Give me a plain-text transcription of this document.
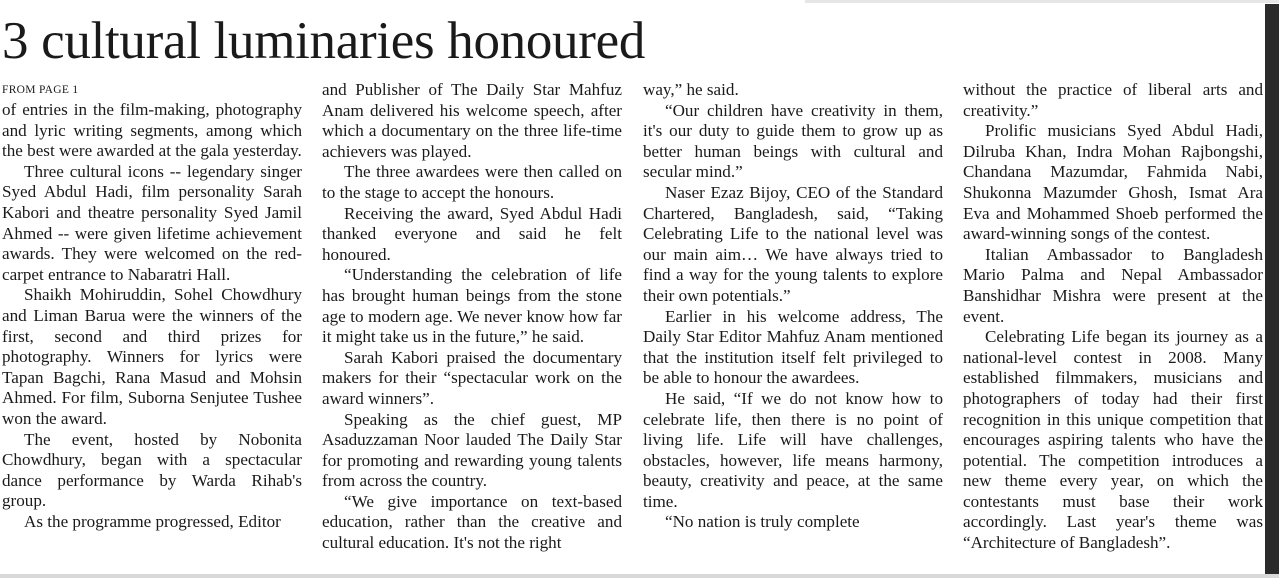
3 cultural luminaries honoured
FROM PAGE 1

of entries in the film-making, photography and lyric writing segments, among which the best were awarded at the gala yesterday.

Three cultural icons -- legendary singer Syed Abdul Hadi, film personality Sarah Kabori and theatre personality Syed Jamil Ahmed -- were given lifetime achievement awards. They were welcomed on the red-carpet entrance to Nabaratri Hall.

Shaikh Mohiruddin, Sohel Chowdhury and Liman Barua were the winners of the first, second and third prizes for photography. Winners for lyrics were Tapan Bagchi, Rana Masud and Mohsin Ahmed. For film, Suborna Senjutee Tushee won the award.

The event, hosted by Nobonita Chowdhury, began with a spectacular dance performance by Warda Rihab's group.

As the programme progressed, Editor

and Publisher of The Daily Star Mahfuz Anam delivered his welcome speech, after which a documentary on the three life-time achievers was played.

The three awardees were then called on to the stage to accept the honours.

Receiving the award, Syed Abdul Hadi thanked everyone and said he felt honoured.

“Understanding the celebration of life has brought human beings from the stone age to modern age. We never know how far it might take us in the future,” he said.

Sarah Kabori praised the documentary makers for their “spectacular work on the award winners”.

Speaking as the chief guest, MP Asaduzzaman Noor lauded The Daily Star for promoting and rewarding young talents from across the country.

“We give importance on text-based education, rather than the creative and cultural education. It's not the right

way,” he said.

“Our children have creativity in them, it's our duty to guide them to grow up as better human beings with cultural and secular mind.”

Naser Ezaz Bijoy, CEO of the Standard Chartered, Bangladesh, said, “Taking Celebrating Life to the national level was our main aim… We have always tried to find a way for the young talents to explore their own potentials.”

Earlier in his welcome address, The Daily Star Editor Mahfuz Anam mentioned that the institution itself felt privileged to be able to honour the awardees.

He said, “If we do not know how to celebrate life, then there is no point of living life. Life will have challenges, obstacles, however, life means harmony, beauty, creativity and peace, at the same time.

“No nation is truly complete

without the practice of liberal arts and creativity.”

Prolific musicians Syed Abdul Hadi, Dilruba Khan, Indra Mohan Rajbongshi, Chandana Mazumdar, Fahmida Nabi, Shukonna Mazumder Ghosh, Ismat Ara Eva and Mohammed Shoeb performed the award-winning songs of the contest.

Italian Ambassador to Bangladesh Mario Palma and Nepal Ambassador Banshidhar Mishra were present at the event.

Celebrating Life began its journey as a national-level contest in 2008. Many established filmmakers, musicians and photographers of today had their first recognition in this unique competition that encourages aspiring talents who have the potential. The competition introduces a new theme every year, on which the contestants must base their work accordingly. Last year's theme was “Architecture of Bangladesh”.
